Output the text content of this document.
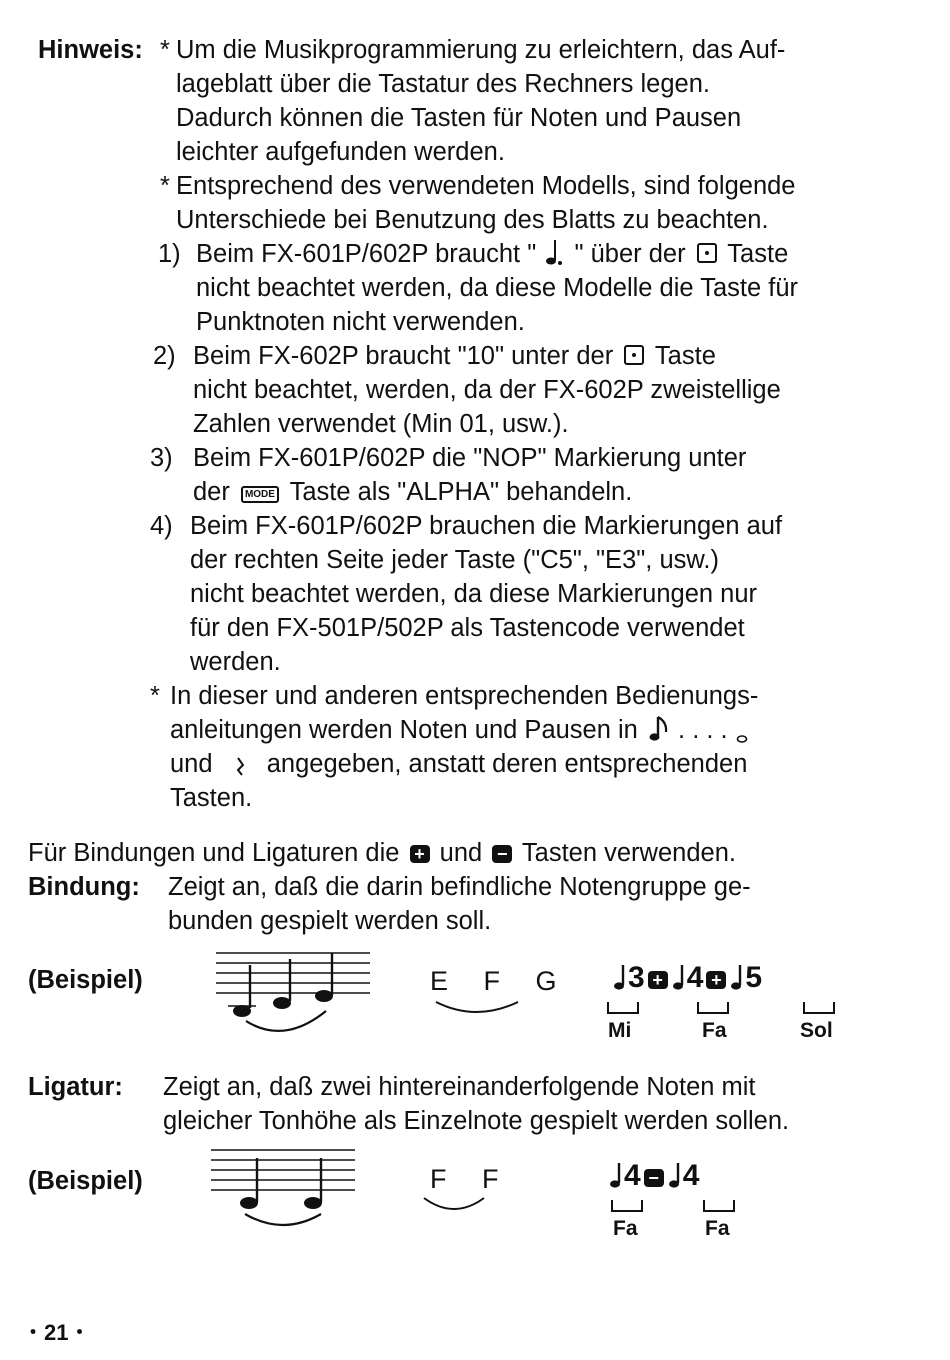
Hinweis: * Um die Musikprogrammierung zu erleichtern, das Auf-
lageblatt über die Tastatur des Rechners legen.
Dadurch können die Tasten für Noten und Pausen
leichter aufgefunden werden.
* Entsprechend des verwendeten Modells, sind folgende
Unterschiede bei Benutzung des Blatts zu beachten.
1) Beim FX-601P/602P braucht " " über der Taste
nicht beachtet werden, da diese Modelle die Taste für
Punktnoten nicht verwenden.
2) Beim FX-602P braucht "10" unter der Taste
nicht beachtet, werden, da der FX-602P zweistellige
Zahlen verwendet (Min 01, usw.).
3) Beim FX-601P/602P die "NOP" Markierung unter
der MODE Taste als "ALPHA" behandeln.
4) Beim FX-601P/602P brauchen die Markierungen auf
der rechten Seite jeder Taste ("C5", "E3", usw.)
nicht beachtet werden, da diese Markierungen nur
für den FX-501P/502P als Tastencode verwendet
werden.
* In dieser und anderen entsprechenden Bedienungs-
anleitungen werden Noten und Pausen in . . . .
und angegeben, anstatt deren entsprechenden
Tasten.
Für Bindungen und Ligaturen die + und − Tasten verwenden.
Bindung: Zeigt an, daß die darin befindliche Notengruppe ge-
bunden gespielt werden soll.
(Beispiel)	E F G	3 + 4 + 5
Mi	Fa	Sol
Ligatur: Zeigt an, daß zwei hintereinanderfolgende Noten mit
gleicher Tonhöhe als Einzelnote gespielt werden sollen.
(Beispiel)	F F	4 − 4
Fa	Fa
・21・
